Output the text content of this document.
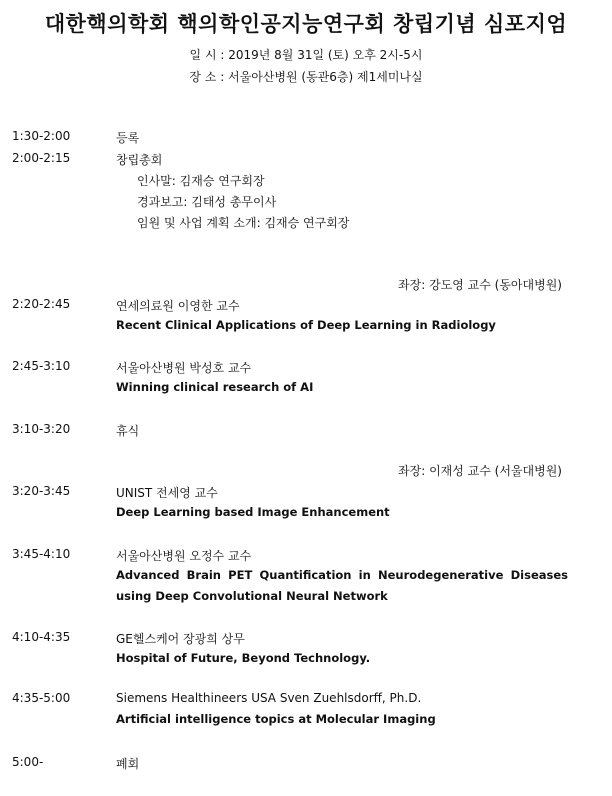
대한핵의학회 핵의학인공지능연구회 창립기념 심포지엄
일 시 : 2019년 8월 31일 (토) 오후 2시-5시
장 소 : 서울아산병원 (동관6층) 제1세미나실
1:30-2:00	등록
2:00-2:15	창립총회
인사말: 김재승 연구회장
경과보고: 김태성 총무이사
임원 및 사업 계획 소개: 김재승 연구회장
좌장: 강도영 교수 (동아대병원)
2:20-2:45	연세의료원 이영한 교수
Recent Clinical Applications of Deep Learning in Radiology
2:45-3:10	서울아산병원 박성호 교수
Winning clinical research of AI
3:10-3:20	휴식
좌장: 이재성 교수 (서울대병원)
3:20-3:45	UNIST 전세영 교수
Deep Learning based Image Enhancement
3:45-4:10	서울아산병원 오정수 교수
Advanced Brain PET Quantification in Neurodegenerative Diseases
using Deep Convolutional Neural Network
4:10-4:35	GE헬스케어 장광희 상무
Hospital of Future, Beyond Technology.
4:35-5:00	Siemens Healthineers USA Sven Zuehlsdorff, Ph.D.
Artificial intelligence topics at Molecular Imaging
5:00-	폐회
